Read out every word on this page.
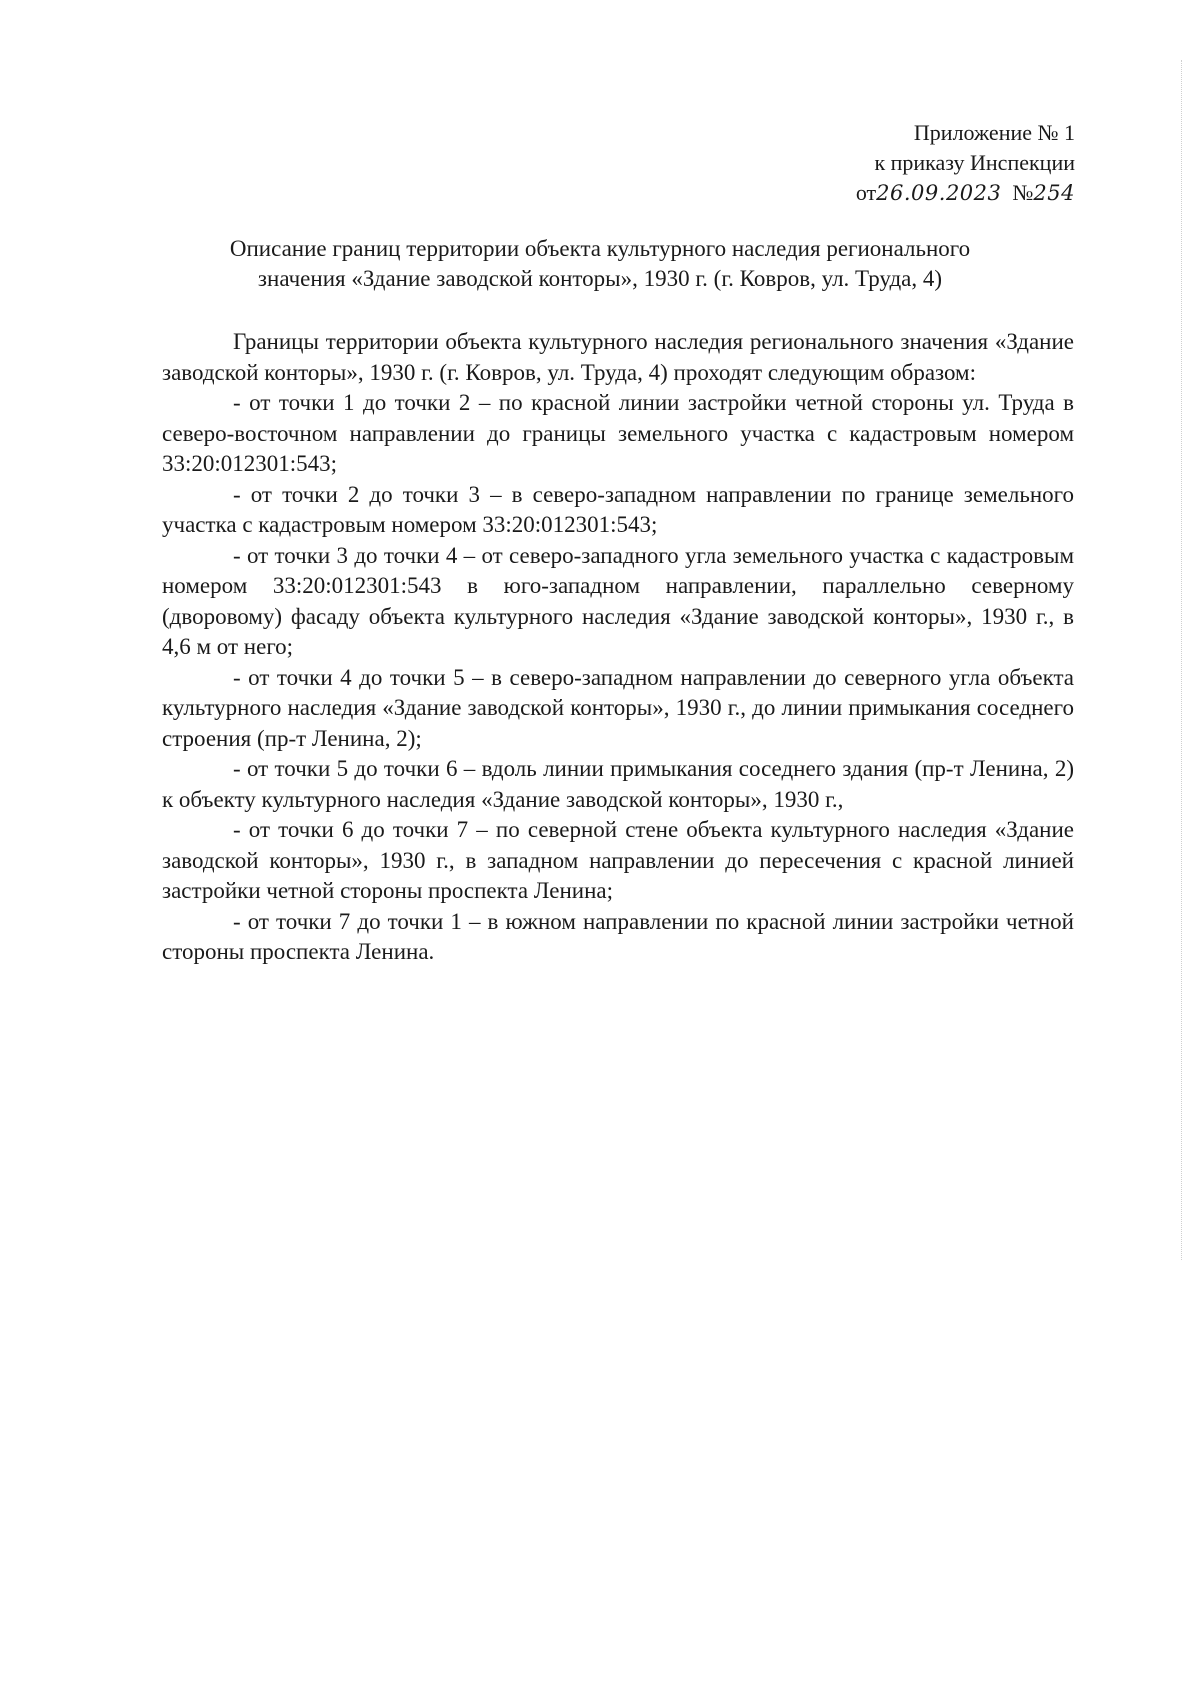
Приложение № 1
к приказу Инспекции
от26.09.2023 №254
Описание границ территории объекта культурного наследия регионального
значения «Здание заводской конторы», 1930 г. (г. Ковров, ул. Труда, 4)

Границы территории объекта культурного наследия регионального значения «Здание заводской конторы», 1930 г. (г. Ковров, ул. Труда, 4) проходят следующим образом:

- от точки 1 до точки 2 – по красной линии застройки четной стороны ул. Труда в северо-восточном направлении до границы земельного участка с кадастровым номером 33:20:012301:543;

- от точки 2 до точки 3 – в северо-западном направлении по границе земельного участка с кадастровым номером 33:20:012301:543;

- от точки 3 до точки 4 – от северо-западного угла земельного участка с кадастровым номером 33:20:012301:543 в юго-западном направлении, параллельно северному (дворовому) фасаду объекта культурного наследия «Здание заводской конторы», 1930 г., в 4,6 м от него;

- от точки 4 до точки 5 – в северо-западном направлении до северного угла объекта культурного наследия «Здание заводской конторы», 1930 г., до линии примыкания соседнего строения (пр-т Ленина, 2);

- от точки 5 до точки 6 – вдоль линии примыкания соседнего здания (пр-т Ленина, 2) к объекту культурного наследия «Здание заводской конторы», 1930 г.,

- от точки 6 до точки 7 – по северной стене объекта культурного наследия «Здание заводской конторы», 1930 г., в западном направлении до пересечения с красной линией застройки четной стороны проспекта Ленина;

- от точки 7 до точки 1 – в южном направлении по красной линии застройки четной стороны проспекта Ленина.
